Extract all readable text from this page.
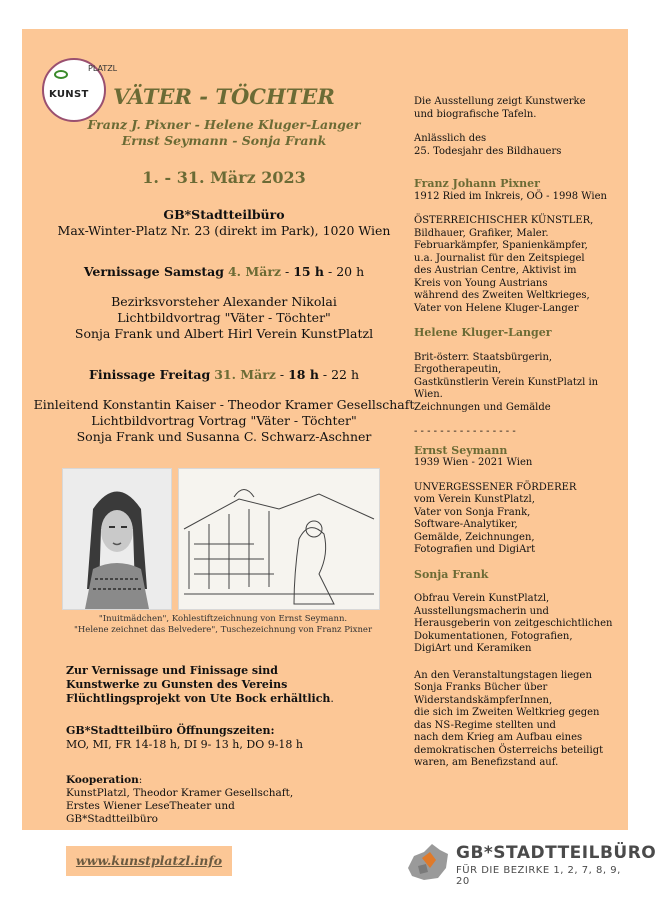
KUNST
PLATZL
VÄTER - TÖCHTER
Franz J. Pixner - Helene Kluger-Langer
Ernst Seymann - Sonja Frank
1. - 31. März 2023
GB*Stadtteilbüro
Max-Winter-Platz Nr. 23 (direkt im Park), 1020 Wien
Vernissage Samstag 4. März - 15 h - 20 h
Bezirksvorsteher Alexander Nikolai
Lichtbildvortrag "Väter - Töchter"
Sonja Frank und Albert Hirl Verein KunstPlatzl
Finissage Freitag 31. März - 18 h - 22 h
Einleitend Konstantin Kaiser - Theodor Kramer Gesellschaft
Lichtbildvortrag Vortrag "Väter - Töchter"
Sonja Frank und Susanna C. Schwarz-Aschner
"Inuitmädchen", Kohlestiftzeichnung von Ernst Seymann.
"Helene zeichnet das Belvedere", Tuschezeichnung von Franz Pixner
Zur Vernissage und Finissage sind
Kunstwerke zu Gunsten des Vereins
Flüchtlingsprojekt von Ute Bock erhältlich.
GB*Stadtteilbüro Öffnungszeiten:
MO, MI, FR 14-18 h, DI 9- 13 h, DO 9-18 h
Kooperation:
KunstPlatzl, Theodor Kramer Gesellschaft,
Erstes Wiener LeseTheater und
GB*Stadtteilbüro
Die Ausstellung zeigt Kunstwerke
und biografische Tafeln.
Anlässlich des
25. Todesjahr des Bildhauers
Franz Johann Pixner
1912 Ried im Inkreis, OÖ - 1998 Wien
ÖSTERREICHISCHER KÜNSTLER,
Bildhauer, Grafiker, Maler.
Februarkämpfer, Spanienkämpfer,
u.a. Journalist für den Zeitspiegel
des Austrian Centre, Aktivist im
Kreis von Young Austrians
während des Zweiten Weltkrieges,
Vater von Helene Kluger-Langer
Helene Kluger-Langer
Brit-österr. Staatsbürgerin,
Ergotherapeutin,
Gastkünstlerin Verein KunstPlatzl in Wien.
Zeichnungen und Gemälde
- - - - - - - - - - - - - - - -
Ernst Seymann
1939 Wien - 2021 Wien
UNVERGESSENER FÖRDERER
vom Verein KunstPlatzl,
Vater von Sonja Frank,
Software-Analytiker,
Gemälde, Zeichnungen,
Fotografien und DigiArt
Sonja Frank
Obfrau Verein KunstPlatzl,
Ausstellungsmacherin und
Herausgeberin von zeitgeschichtlichen
Dokumentationen, Fotografien,
DigiArt und Keramiken
An den Veranstaltungstagen liegen
Sonja Franks Bücher über
WiderstandskämpferInnen,
die sich im Zweiten Weltkrieg gegen
das NS-Regime stellten und
nach dem Krieg am Aufbau eines
demokratischen Österreichs beteiligt
waren, am Benefizstand auf.
www.kunstplatzl.info	GB*STADTTEILBÜRO
FÜR DIE BEZIRKE 1, 2, 7, 8, 9, 20
